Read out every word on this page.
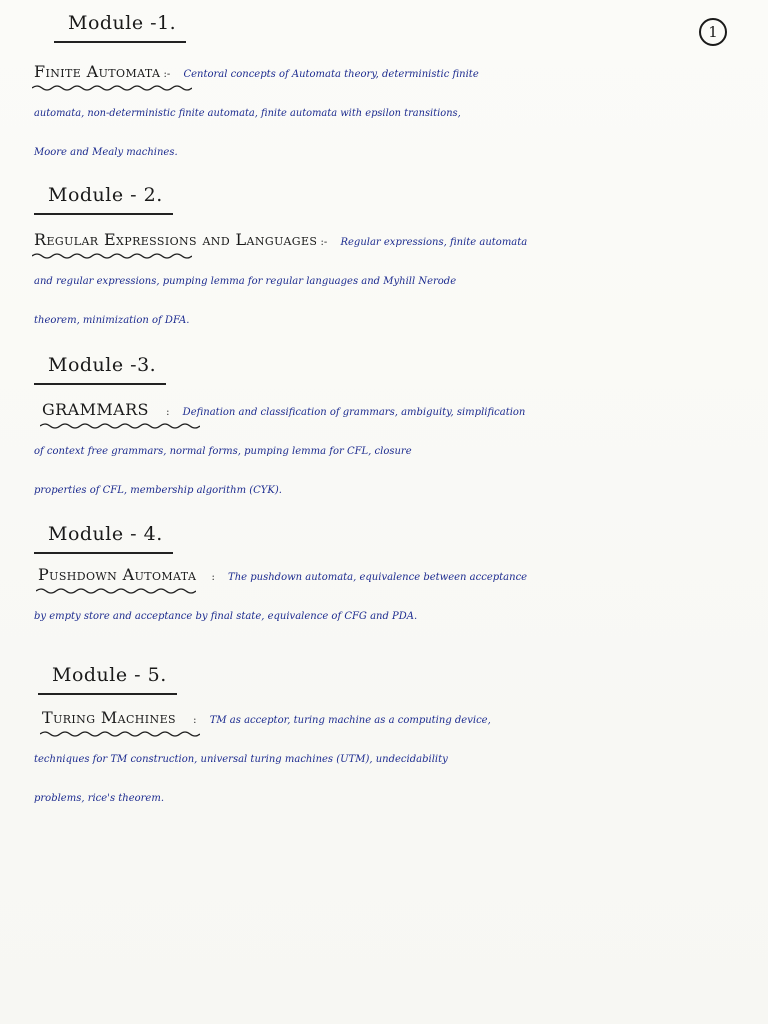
1
Module -1.
Finite Automata :- Centoral concepts of Automata theory, deterministic finite
automata, non-deterministic finite automata, finite automata with epsilon transitions,
Moore and Mealy machines.
Module - 2.
Regular Expressions and Languages :- Regular expressions, finite automata
and regular expressions, pumping lemma for regular languages and Myhill Nerode
theorem, minimization of DFA.
Module -3.
GRAMMARS : Defination and classification of grammars, ambiguity, simplification
of context free grammars, normal forms, pumping lemma for CFL, closure
properties of CFL, membership algorithm (CYK).
Module - 4.
Pushdown Automata : The pushdown automata, equivalence between acceptance
by empty store and acceptance by final state, equivalence of CFG and PDA.
Module - 5.
Turing Machines : TM as acceptor, turing machine as a computing device,
techniques for TM construction, universal turing machines (UTM), undecidability
problems, rice's theorem.
